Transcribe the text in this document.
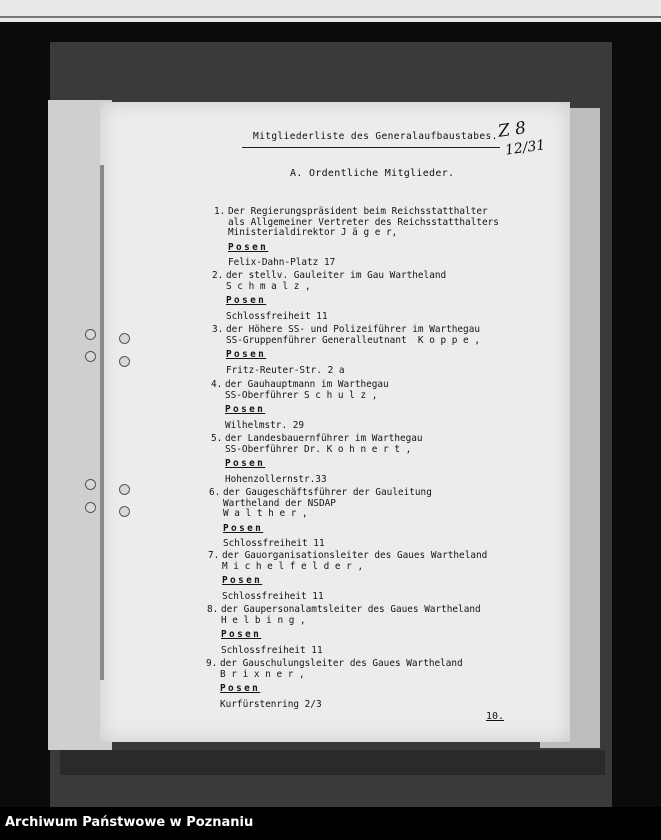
Mitgliederliste des Generalaufbaustabes.
Z 8
12/31
A. Ordentliche Mitglieder.
1. Der Regierungspräsident beim Reichsstatthalter
als Allgemeiner Vertreter des Reichsstatthalters
Ministerialdirektor J ä g e r,
Posen
Felix-Dahn-Platz 17
2. der stellv. Gauleiter im Gau Wartheland
S c h m a l z ,
Posen
Schlossfreiheit 11
3. der Höhere SS- und Polizeiführer im Warthegau
SS-Gruppenführer Generalleutnant  K o p p e ,
Posen
Fritz-Reuter-Str. 2 a
4. der Gauhauptmann im Warthegau
SS-Oberführer S c h u l z ,
Posen
Wilhelmstr. 29
5. der Landesbauernführer im Warthegau
SS-Oberführer Dr. K o h n e r t ,
Posen
Hohenzollernstr.33
6. der Gaugeschäftsführer der Gauleitung
Wartheland der NSDAP
W a l t h e r ,
Posen
Schlossfreiheit 11
7. der Gauorganisationsleiter des Gaues Wartheland
M i c h e l f e l d e r ,
Posen
Schlossfreiheit 11
8. der Gaupersonalamtsleiter des Gaues Wartheland
H e l b i n g ,
Posen
Schlossfreiheit 11
9. der Gauschulungsleiter des Gaues Wartheland
B r i x n e r ,
Posen
Kurfürstenring 2/3
10.
Archiwum Państwowe w Poznaniu
